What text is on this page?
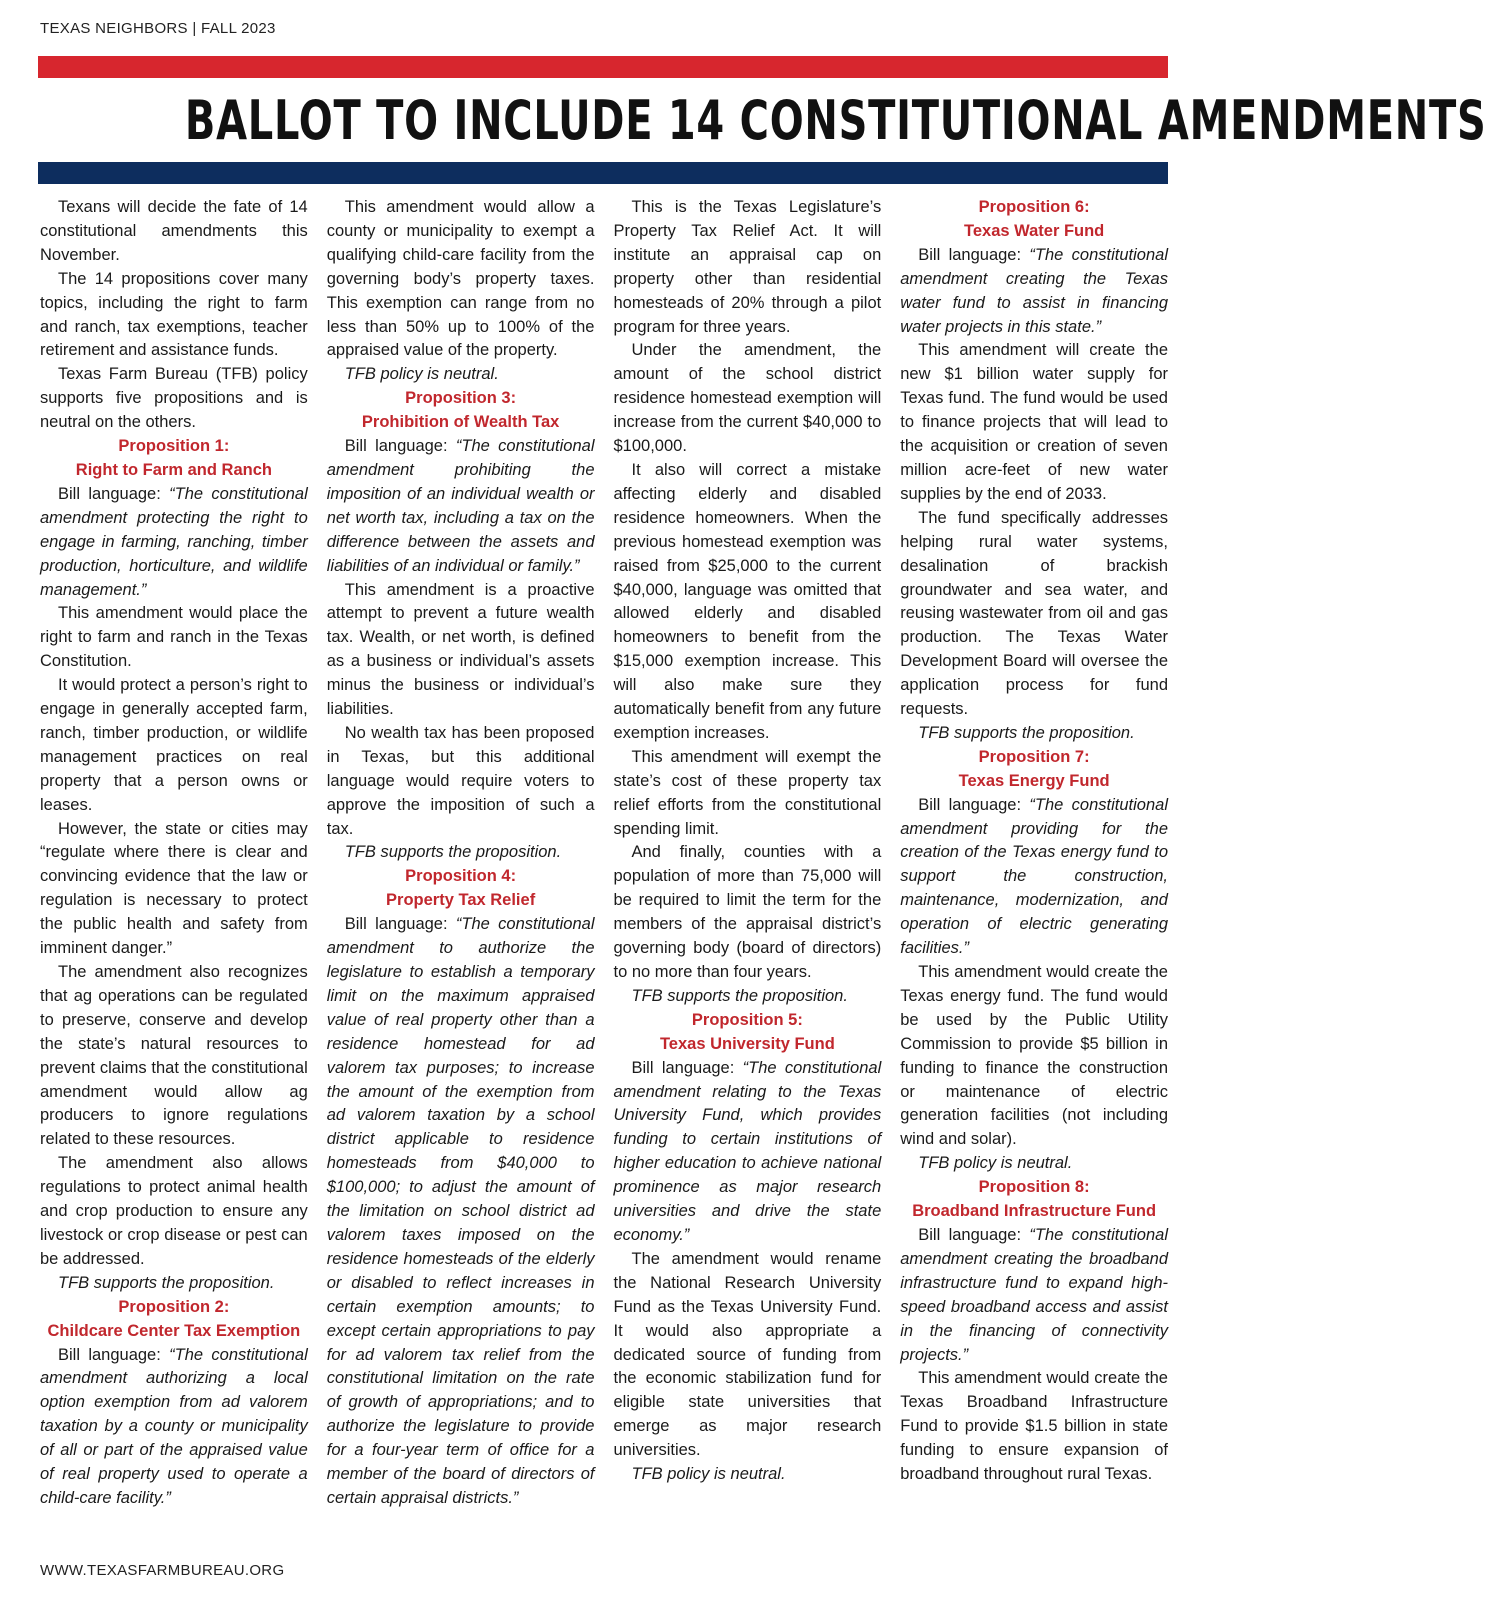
TEXAS NEIGHBORS | FALL 2023
BALLOT TO INCLUDE 14 CONSTITUTIONAL AMENDMENTS

Texans will decide the fate of 14 constitutional amendments this November.

The 14 propositions cover many topics, including the right to farm and ranch, tax exemptions, teacher retirement and assistance funds.

Texas Farm Bureau (TFB) policy supports five propositions and is neutral on the others.

Proposition 1:

Right to Farm and Ranch

Bill language: “The constitutional amendment protecting the right to engage in farming, ranching, timber production, horticulture, and wildlife management.”

This amendment would place the right to farm and ranch in the Texas Constitution.

It would protect a person’s right to engage in generally accepted farm, ranch, timber production, or wildlife management practices on real property that a person owns or leases.

However, the state or cities may “regulate where there is clear and convincing evidence that the law or regulation is necessary to protect the public health and safety from imminent danger.”

The amendment also recognizes that ag operations can be regulated to preserve, conserve and develop the state’s natural resources to prevent claims that the constitutional amendment would allow ag producers to ignore regulations related to these resources.

The amendment also allows regulations to protect animal health and crop production to ensure any livestock or crop disease or pest can be addressed.

TFB supports the proposition.

Proposition 2:

Childcare Center Tax Exemption

Bill language: “The constitutional amendment authorizing a local option exemption from ad valorem taxation by a county or municipality of all or part of the appraised value of real property used to operate a child-care facility.”

This amendment would allow a county or municipality to exempt a qualifying child-care facility from the governing body’s property taxes. This exemption can range from no less than 50% up to 100% of the appraised value of the property.

TFB policy is neutral.

Proposition 3:

Prohibition of Wealth Tax

Bill language: “The constitutional amendment prohibiting the imposition of an individual wealth or net worth tax, including a tax on the difference between the assets and liabilities of an individual or family.”

This amendment is a proactive attempt to prevent a future wealth tax. Wealth, or net worth, is defined as a business or individual’s assets minus the business or individual’s liabilities.

No wealth tax has been proposed in Texas, but this additional language would require voters to approve the imposition of such a tax.

TFB supports the proposition.

Proposition 4:

Property Tax Relief

Bill language: “The constitutional amendment to authorize the legislature to establish a temporary limit on the maximum appraised value of real property other than a residence homestead for ad valorem tax purposes; to increase the amount of the exemption from ad valorem taxation by a school district applicable to residence homesteads from $40,000 to $100,000; to adjust the amount of the limitation on school district ad valorem taxes imposed on the residence homesteads of the elderly or disabled to reflect increases in certain exemption amounts; to except certain appropriations to pay for ad valorem tax relief from the constitutional limitation on the rate of growth of appropriations; and to authorize the legislature to provide for a four-year term of office for a member of the board of directors of certain appraisal districts.”

This is the Texas Legislature’s Property Tax Relief Act. It will institute an appraisal cap on property other than residential homesteads of 20% through a pilot program for three years.

Under the amendment, the amount of the school district residence homestead exemption will increase from the current $40,000 to $100,000.

It also will correct a mistake affecting elderly and disabled residence homeowners. When the previous homestead exemption was raised from $25,000 to the current $40,000, language was omitted that allowed elderly and disabled homeowners to benefit from the $15,000 exemption increase. This will also make sure they automatically benefit from any future exemption increases.

This amendment will exempt the state’s cost of these property tax relief efforts from the constitutional spending limit.

And finally, counties with a population of more than 75,000 will be required to limit the term for the members of the appraisal district’s governing body (board of directors) to no more than four years.

TFB supports the proposition.

Proposition 5:

Texas University Fund

Bill language: “The constitutional amendment relating to the Texas University Fund, which provides funding to certain institutions of higher education to achieve national prominence as major research universities and drive the state economy.”

The amendment would rename the National Research University Fund as the Texas University Fund. It would also appropriate a dedicated source of funding from the economic stabilization fund for eligible state universities that emerge as major research universities.

TFB policy is neutral.

Proposition 6:

Texas Water Fund

Bill language: “The constitutional amendment creating the Texas water fund to assist in financing water projects in this state.”

This amendment will create the new $1 billion water supply for Texas fund. The fund would be used to finance projects that will lead to the acquisition or creation of seven million acre-feet of new water supplies by the end of 2033.

The fund specifically addresses helping rural water systems, desalination of brackish groundwater and sea water, and reusing wastewater from oil and gas production. The Texas Water Development Board will oversee the application process for fund requests.

TFB supports the proposition.

Proposition 7:

Texas Energy Fund

Bill language: “The constitutional amendment providing for the creation of the Texas energy fund to support the construction, maintenance, modernization, and operation of electric generating facilities.”

This amendment would create the Texas energy fund. The fund would be used by the Public Utility Commission to provide $5 billion in funding to finance the construction or maintenance of electric generation facilities (not including wind and solar).

TFB policy is neutral.

Proposition 8:

Broadband Infrastructure Fund

Bill language: “The constitutional amendment creating the broadband infrastructure fund to expand high-speed broadband access and assist in the financing of connectivity projects.”

This amendment would create the Texas Broadband Infrastructure Fund to provide $1.5 billion in state funding to ensure expansion of broadband throughout rural Texas.

WWW.TEXASFARMBUREAU.ORG
